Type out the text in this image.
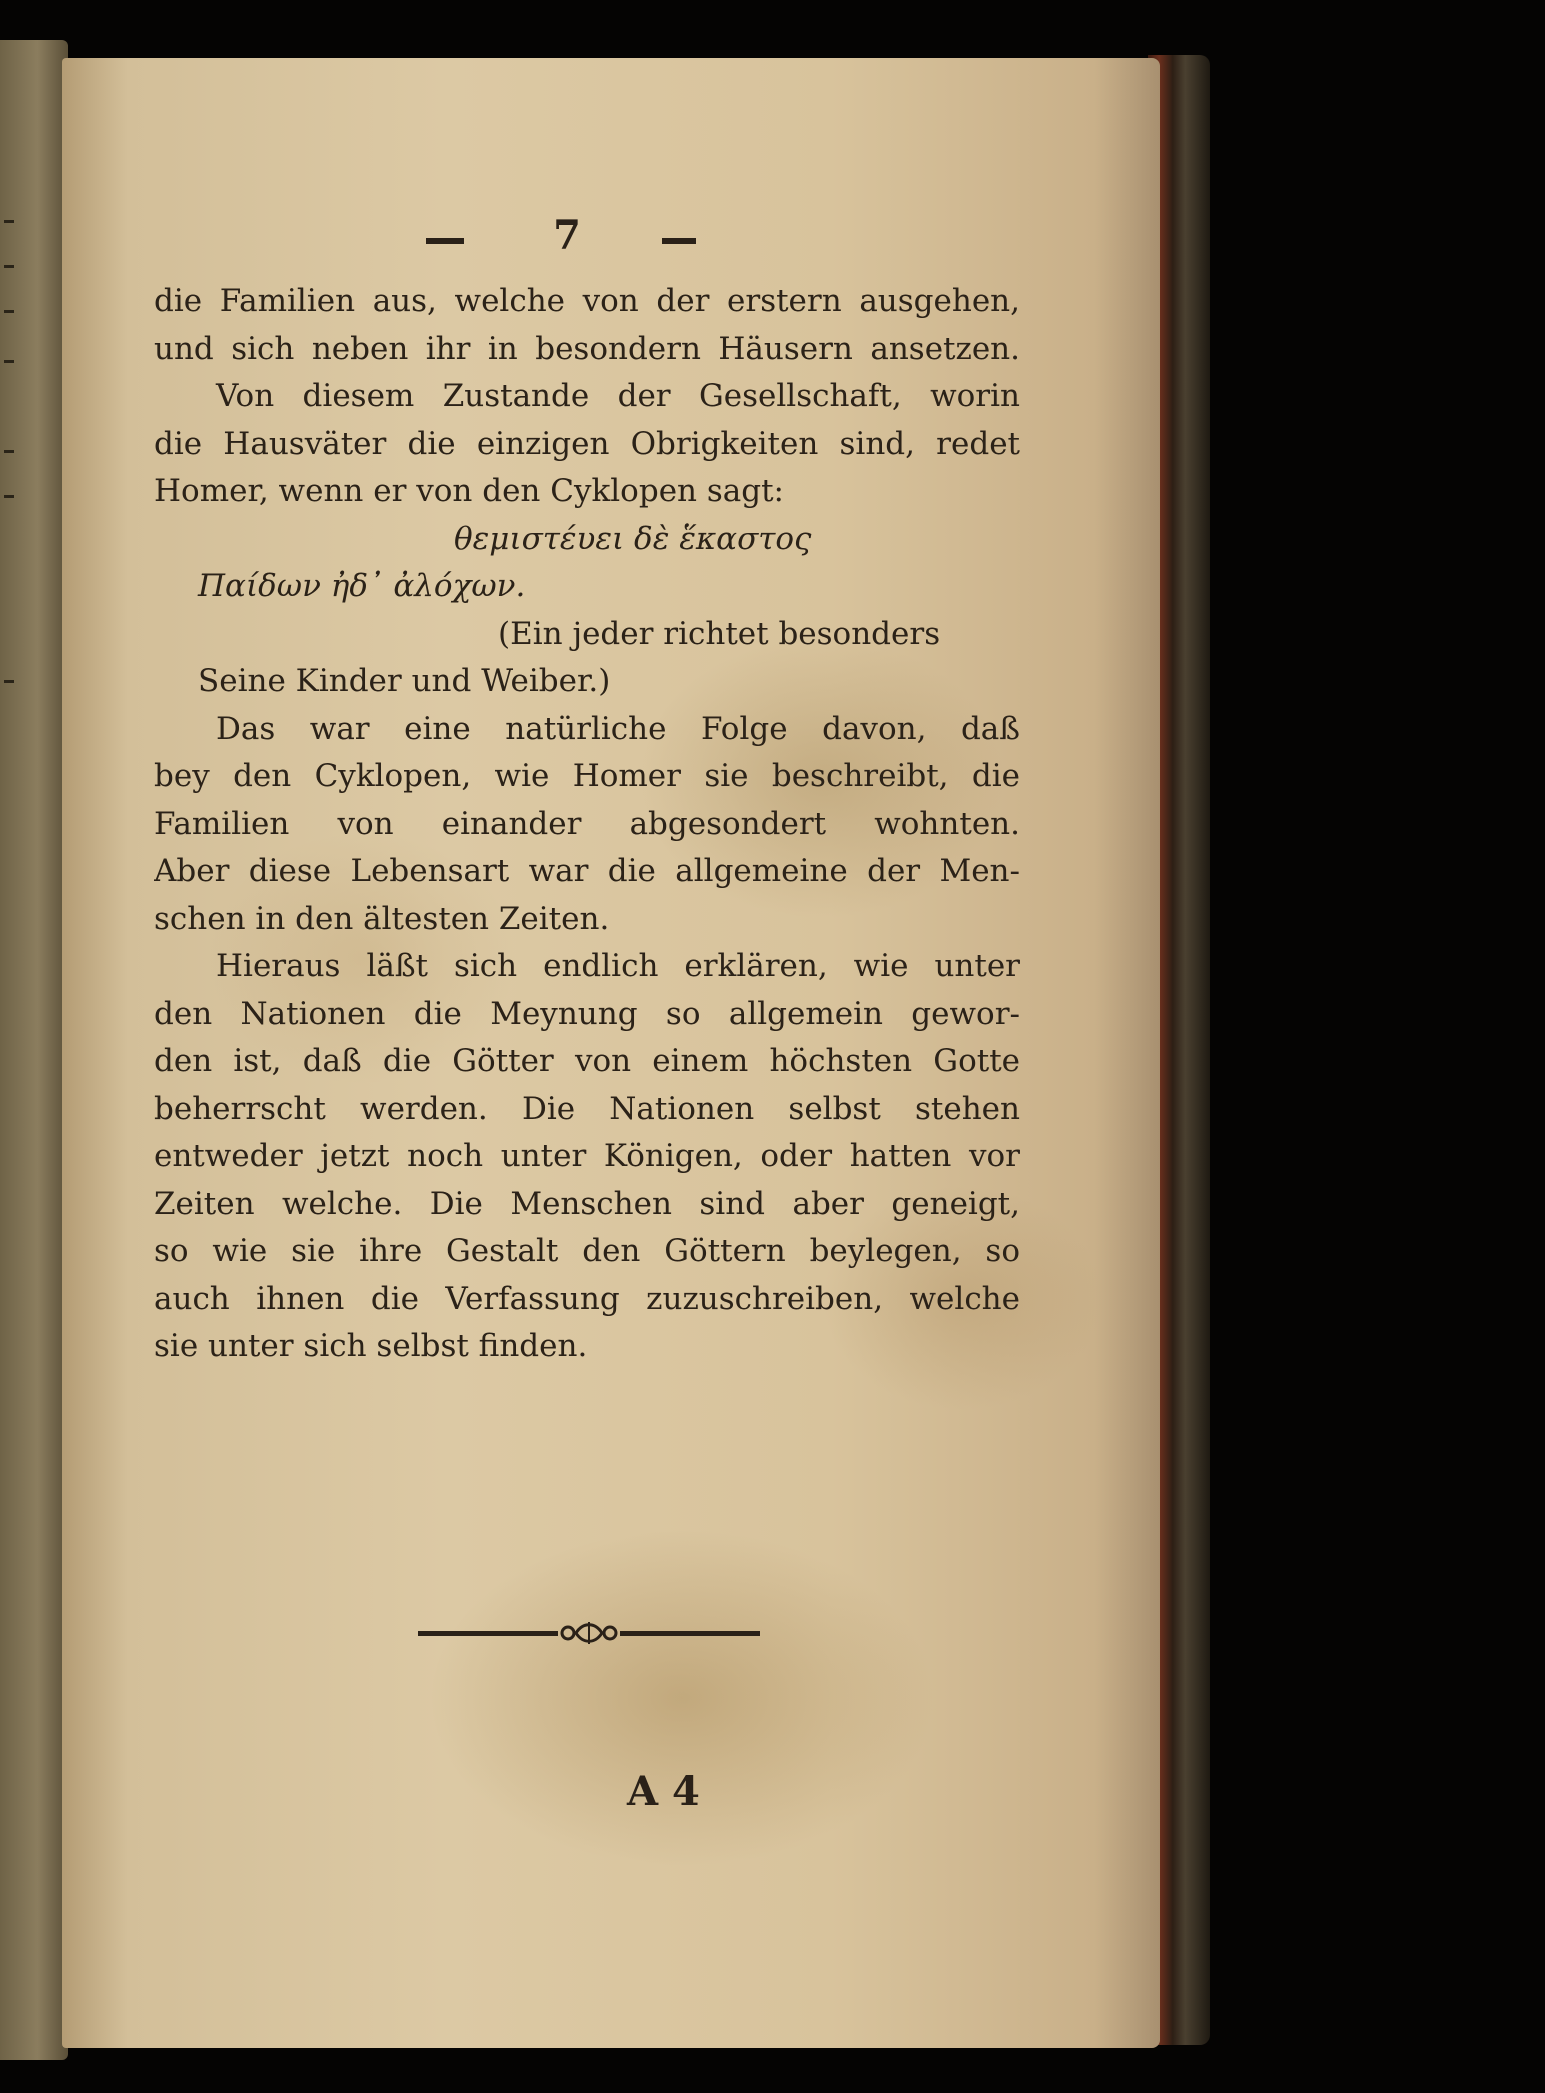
7
die Familien aus, welche von der erstern ausgehen,
und sich neben ihr in besondern Häusern ansetzen.
Von diesem Zustande der Gesellschaft, worin
die Hausväter die einzigen Obrigkeiten sind, redet
Homer, wenn er von den Cyklopen sagt:
θεμιστέυει δὲ ἕκαστος
Παίδων ἠδ᾽ ἀλόχων.
(Ein jeder richtet besonders
Seine Kinder und Weiber.)
Das war eine natürliche Folge davon, daß
bey den Cyklopen, wie Homer sie beschreibt, die
Familien von einander abgesondert wohnten.
Aber diese Lebensart war die allgemeine der Men-
schen in den ältesten Zeiten.
Hieraus läßt sich endlich erklären, wie unter
den Nationen die Meynung so allgemein gewor-
den ist, daß die Götter von einem höchsten Gotte
beherrscht werden. Die Nationen selbst stehen
entweder jetzt noch unter Königen, oder hatten vor
Zeiten welche. Die Menschen sind aber geneigt,
so wie sie ihre Gestalt den Göttern beylegen, so
auch ihnen die Verfassung zuzuschreiben, welche
sie unter sich selbst finden.
A 4
